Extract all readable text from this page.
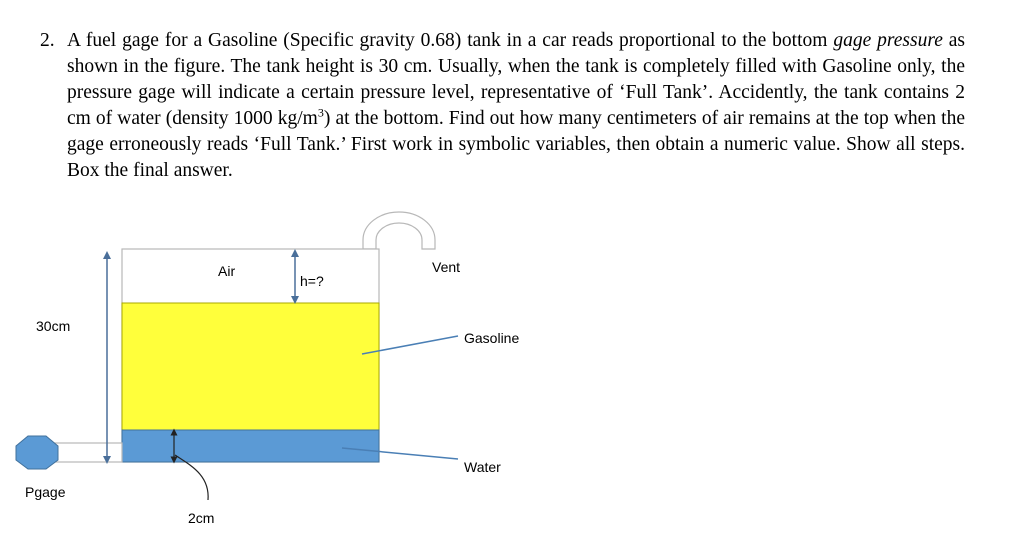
2. A fuel gage for a Gasoline (Specific gravity 0.68) tank in a car reads proportional to the bottom gage pressure as shown in the figure. The tank height is 30 cm. Usually, when the tank is completely filled with Gasoline only, the pressure gage will indicate a certain pressure level, representative of ‘Full Tank’. Accidently, the tank contains 2 cm of water (density 1000 $kg/m^3$) at the bottom. Find out how many centimeters of air remains at the top when the gage erroneously reads ‘Full Tank.’ First work in symbolic variables, then obtain a numeric value. Show all steps. Box the final answer.
Air
h=?
Vent
30cm
Gasoline
Water
Pgage
2cm
